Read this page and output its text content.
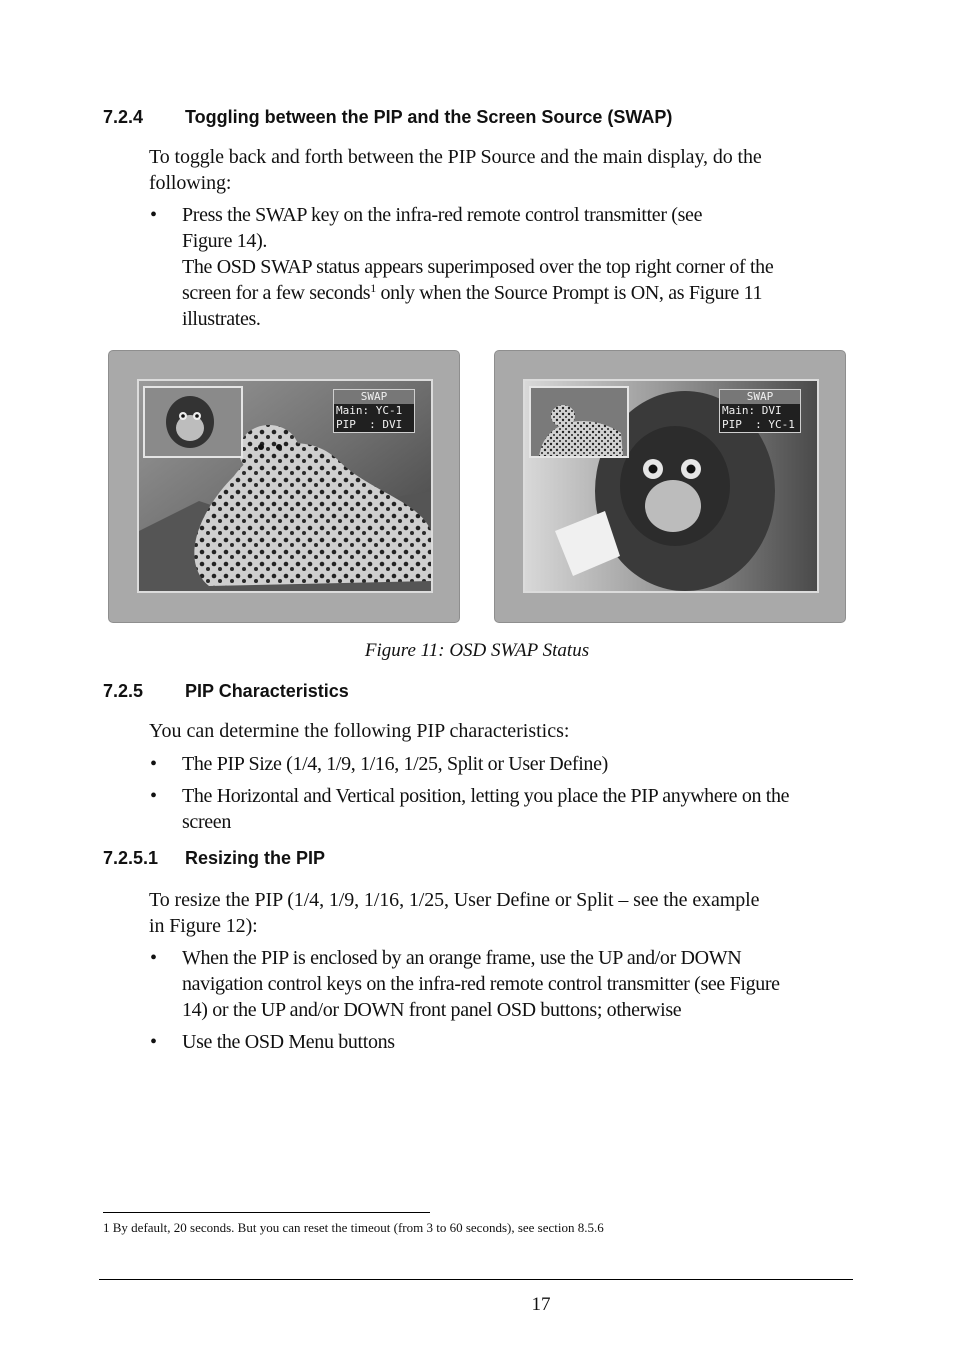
7.2.4 Toggling between the PIP and the Screen Source (SWAP)
To toggle back and forth between the PIP Source and the main display, do the
following:
• Press the SWAP key on the infra-red remote control transmitter (see
Figure 14).
The OSD SWAP status appears superimposed over the top right corner of the
screen for a few seconds$^1$ only when the Source Prompt is ON, as Figure 11
illustrates.
SWAP
Main: YC-1
PIP  : DVI
SWAP
Main: DVI
PIP  : YC-1
Figure 11: OSD SWAP Status
7.2.5 PIP Characteristics
You can determine the following PIP characteristics:
• The PIP Size (1/4, 1/9, 1/16, 1/25, Split or User Define)
• The Horizontal and Vertical position, letting you place the PIP anywhere on the
screen
7.2.5.1 Resizing the PIP
To resize the PIP (1/4, 1/9, 1/16, 1/25, User Define or Split – see the example
in Figure 12):
• When the PIP is enclosed by an orange frame, use the UP and/or DOWN
navigation control keys on the infra-red remote control transmitter (see Figure
14) or the UP and/or DOWN front panel OSD buttons; otherwise
• Use the OSD Menu buttons
1 By default, 20 seconds. But you can reset the timeout (from 3 to 60 seconds), see section 8.5.6
17
